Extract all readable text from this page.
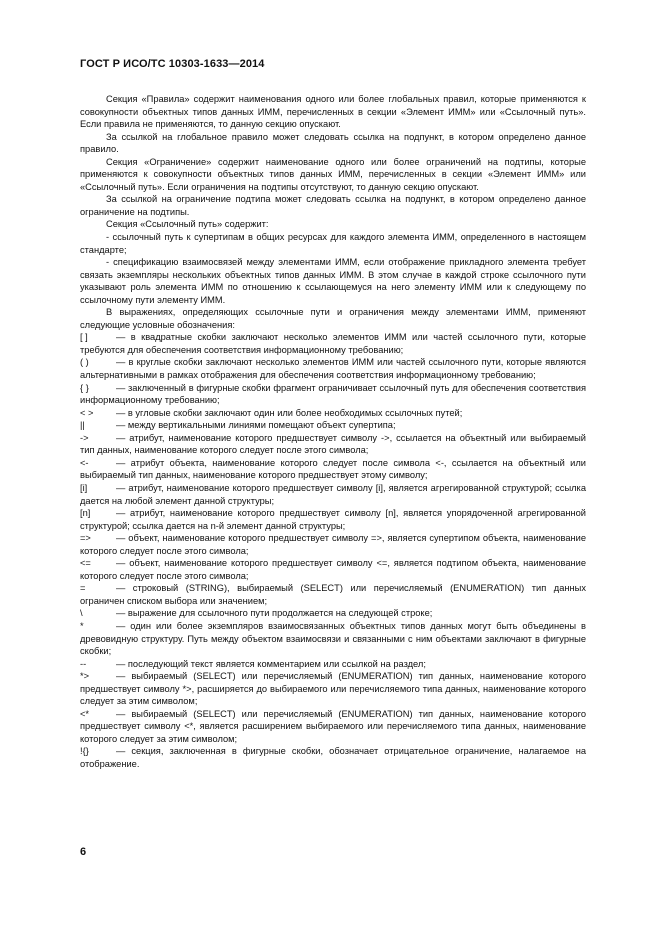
ГОСТ Р ИСО/ТС 10303-1633—2014

Секция «Правила» содержит наименования одного или более глобальных правил, которые применяются к совокупности объектных типов данных ИММ, перечисленных в секции «Элемент ИММ» или «Ссылочный путь». Если правила не применяются, то данную секцию опускают.

За ссылкой на глобальное правило может следовать ссылка на подпункт, в котором определено данное правило.

Секция «Ограничение» содержит наименование одного или более ограничений на подтипы, которые применяются к совокупности объектных типов данных ИММ, перечисленных в секции «Элемент ИММ» или «Ссылочный путь». Если ограничения на подтипы отсутствуют, то данную секцию опускают.

За ссылкой на ограничение подтипа может следовать ссылка на подпункт, в котором определено данное ограничение на подтипы.

Секция «Ссылочный путь» содержит:

- ссылочный путь к супертипам в общих ресурсах для каждого элемента ИММ, определенного в настоящем стандарте;

- спецификацию взаимосвязей между элементами ИММ, если отображение прикладного элемента требует связать экземпляры нескольких объектных типов данных ИММ. В этом случае в каждой строке ссылочного пути указывают роль элемента ИММ по отношению к ссылающемуся на него элементу ИММ или к следующему по ссылочному пути элементу ИММ.

В выражениях, определяющих ссылочные пути и ограничения между элементами ИММ, применяют следующие условные обозначения:

[ ]	— в квадратные скобки заключают несколько элементов ИММ или частей ссылочного пути, которые требуются для обеспечения соответствия информационному требованию;

( )	— в круглые скобки заключают несколько элементов ИММ или частей ссылочного пути, которые являются альтернативными в рамках отображения для обеспечения соответствия информационному требованию;

{ }	— заключенный в фигурные скобки фрагмент ограничивает ссылочный путь для обеспечения соответствия информационному требованию;

< > — в угловые скобки заключают один или более необходимых ссылочных путей;

||	— между вертикальными линиями помещают объект супертипа;

->	— атрибут, наименование которого предшествует символу ->, ссылается на объектный или выбираемый тип данных, наименование которого следует после этого символа;

<-	— атрибут объекта, наименование которого следует после символа <-, ссылается на объектный или выбираемый тип данных, наименование которого предшествует этому символу;

[i]	— атрибут, наименование которого предшествует символу [i], является агрегированной структурой; ссылка дается на любой элемент данной структуры;

[n]	— атрибут, наименование которого предшествует символу [n], является упорядоченной агрегированной структурой; ссылка дается на n-й элемент данной структуры;

=>	— объект, наименование которого предшествует символу =>, является супертипом объекта, наименование которого следует после этого символа;

<=	— объект, наименование которого предшествует символу <=, является подтипом объекта, наименование которого следует после этого символа;

=	— строковый (STRING), выбираемый (SELECT) или перечисляемый (ENUMERATION) тип данных ограничен списком выбора или значением;

\	— выражение для ссылочного пути продолжается на следующей строке;

*	— один или более экземпляров взаимосвязанных объектных типов данных могут быть объединены в древовидную структуру. Путь между объектом взаимосвязи и связанными с ним объектами заключают в фигурные скобки;

--	— последующий текст является комментарием или ссылкой на раздел;

*>	— выбираемый (SELECT) или перечисляемый (ENUMERATION) тип данных, наименование которого предшествует символу *>, расширяется до выбираемого или перечисляемого типа данных, наименование которого следует за этим символом;

<*	— выбираемый (SELECT) или перечисляемый (ENUMERATION) тип данных, наименование которого предшествует символу <*, является расширением выбираемого или перечисляемого типа данных, наименование которого следует за этим символом;

!{}	— секция, заключенная в фигурные скобки, обозначает отрицательное ограничение, налагаемое на отображение.

6
